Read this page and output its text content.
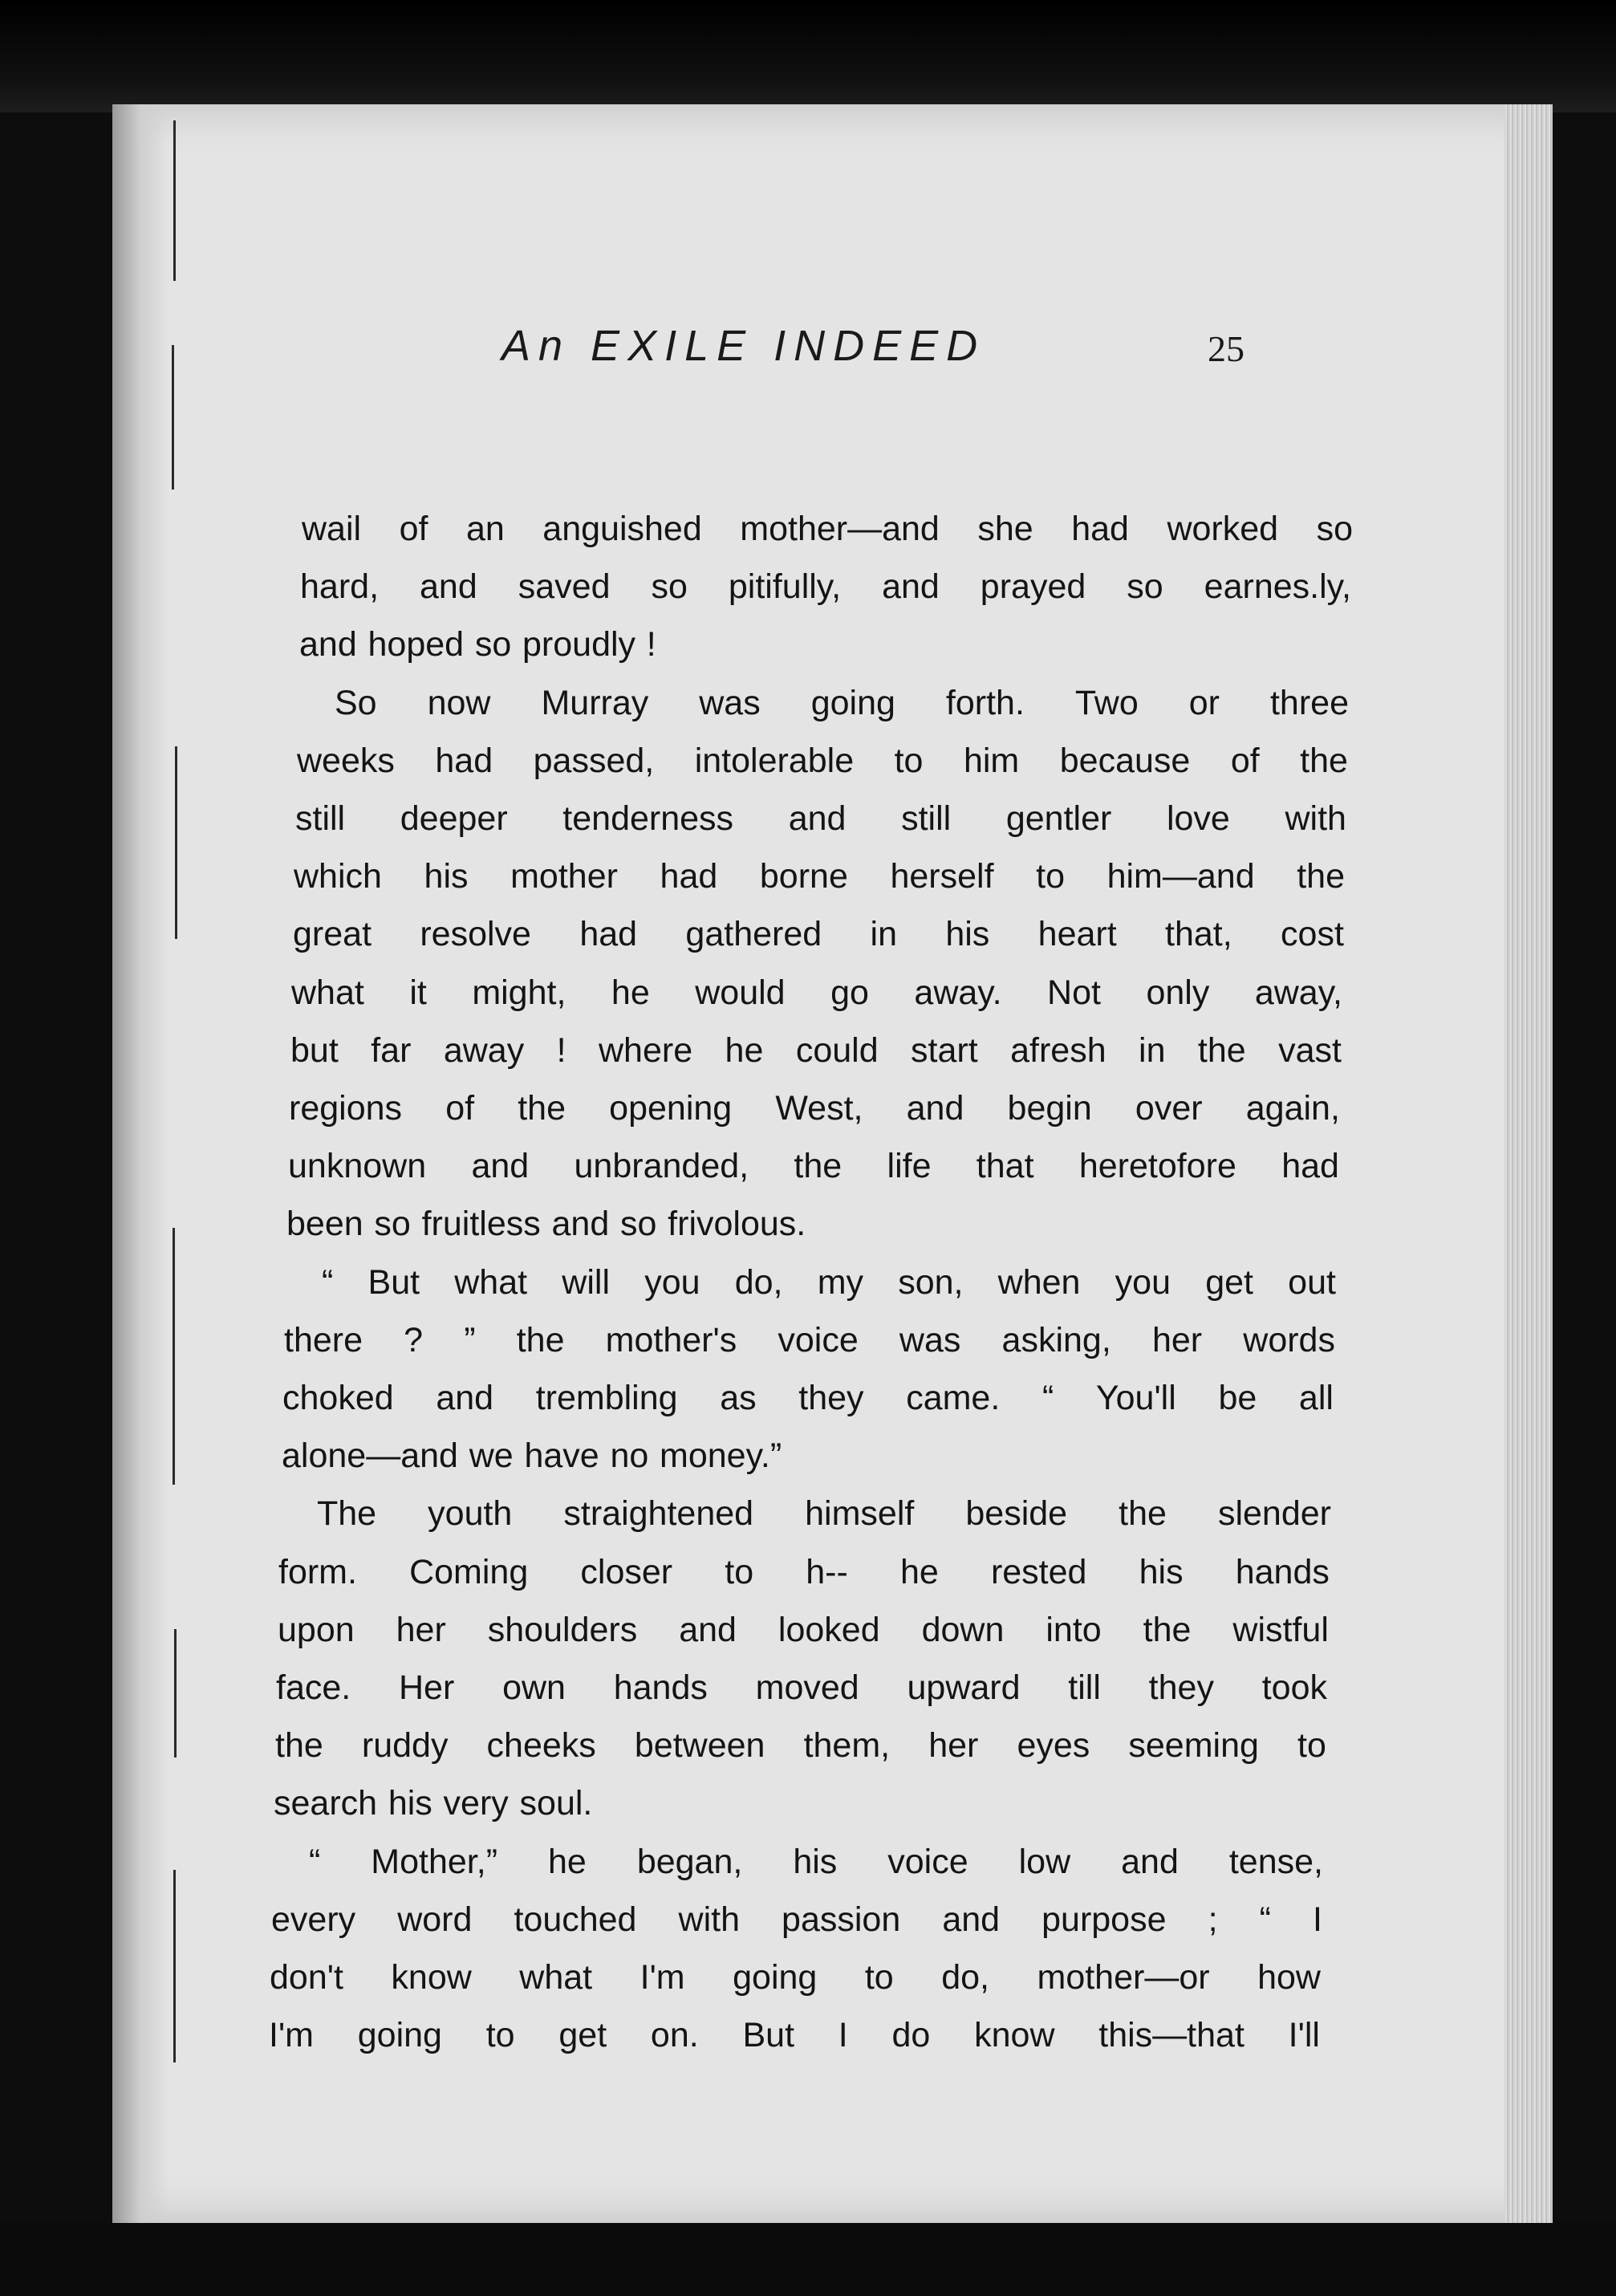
An EXILE INDEED	25
wail of an anguished mother—and she had worked so
hard, and saved so pitifully, and prayed so earnes.ly,
and hoped so proudly !
So now Murray was going forth. Two or three
weeks had passed, intolerable to him because of the
still deeper tenderness and still gentler love with
which his mother had borne herself to him—and the
great resolve had gathered in his heart that, cost
what it might, he would go away. Not only away,
but far away ! where he could start afresh in the vast
regions of the opening West, and begin over again,
unknown and unbranded, the life that heretofore had
been so fruitless and so frivolous.
“ But what will you do, my son, when you get out
there ? ” the mother's voice was asking, her words
choked and trembling as they came. “ You'll be all
alone—and we have no money.”
The youth straightened himself beside the slender
form. Coming closer to h-- he rested his hands
upon her shoulders and looked down into the wistful
face. Her own hands moved upward till they took
the ruddy cheeks between them, her eyes seeming to
search his very soul.
“ Mother,” he began, his voice low and tense,
every word touched with passion and purpose ; “ I
don't know what I'm going to do, mother—or how
I'm going to get on. But I do know this—that I'll
